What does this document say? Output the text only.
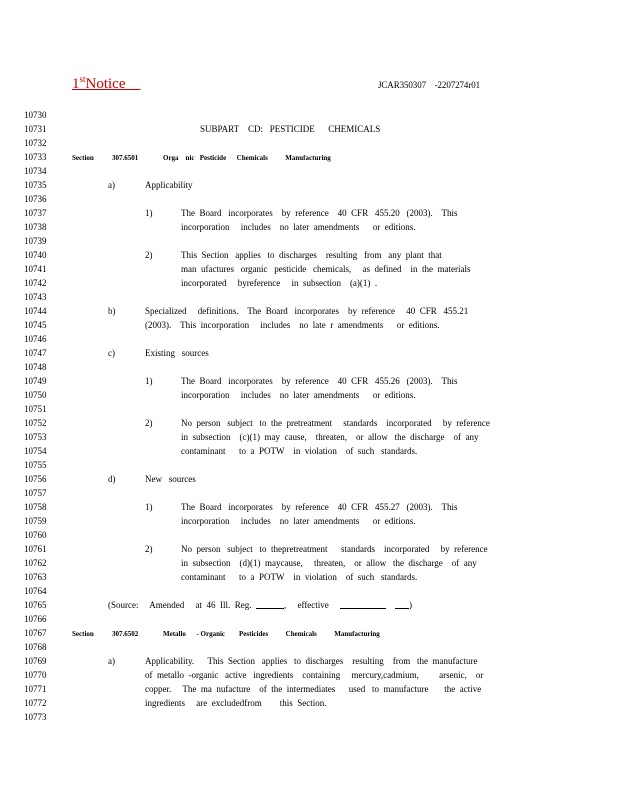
1stNotice	JCAR350307 -2207274r01
10730
10731
10732
10733
10734
10735
10736
10737
10738
10739
10740
10741
10742
10743
10744
10745
10746
10747
10748
10749
10750
10751
10752
10753
10754
10755
10756
10757
10758
10759
10760
10761
10762
10763
10764
10765
10766
10767
10768
10769
10770
10771
10772
10773
SUBPART    CD:   PESTICIDE      CHEMICALS
Section	307.6501	Orga    nic   Pesticide      Chemicals          Manufacturing
a)	Applicability
1)	The  Board   incorporates    by  reference    40  CFR   455.20   (2003).    This
incorporation     includes    no  later  amendments      or  editions.
2)	This  Section   applies   to  discharges    resulting   from   any  plant  that
man  ufactures   organic   pesticide   chemicals,     as  defined    in  the  materials
incorporated     byreference     in  subsection    (a)(1)  .
b)	Specialized     definitions.    The  Board   incorporates    by  reference     40  CFR   455.21
(2003).    This  incorporation     includes    no  late  r  amendments      or  editions.
c)	Existing   sources
1)	The  Board   incorporates    by  reference    40  CFR   455.26   (2003).    This
incorporation     includes    no  later  amendments      or  editions.
2)	No  person   subject   to  the  pretreatment     standards    incorporated     by  reference
in  subsection    (c)(1)  may  cause,    threaten,    or  allow   the  discharge    of  any
contaminant      to  a  POTW    in  violation    of  such   standards.
d)	New   sources
1)	The  Board   incorporates    by  reference    40  CFR   455.27   (2003).    This
incorporation     includes    no  later  amendments      or  editions.
2)	No  person   subject   to  thepretreatment      standards    incorporated     by  reference
in  subsection    (d)(1)  maycause,     threaten,    or  allow   the  discharge    of  any
contaminant      to  a  POTW    in  violation    of  such   standards.
(Source:     Amended     at  46  Ill.  Reg.	, effective	)
Section	307.6502	Metallo      - Organic        Pesticides          Chemicals          Manufacturing
a)	Applicability.      This  Section   applies   to  discharges    resulting    from   the  manufacture
of  metallo  -organic   active   ingredients    containing     mercury,cadmium,         arsenic,    or
copper.     The  ma  nufacture    of  the  intermediates      used   to  manufacture       the  active
ingredients     are  excludedfrom        this  Section.
